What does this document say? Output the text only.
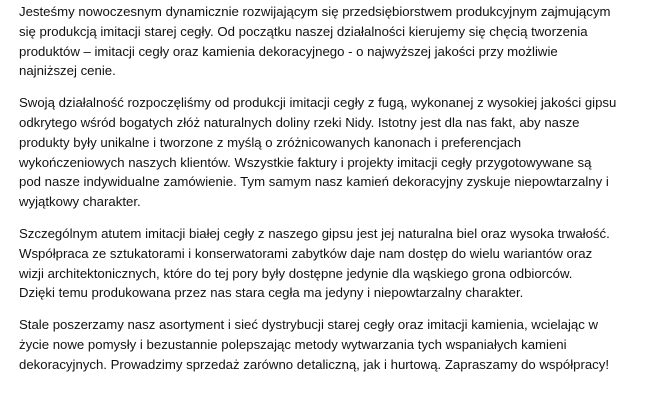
Jesteśmy nowoczesnym dynamicznie rozwijającym się przedsiębiorstwem produkcyjnym zajmującym
się produkcją imitacji starej cegły. Od początku naszej działalności kierujemy się chęcią tworzenia
produktów – imitacji cegły oraz kamienia dekoracyjnego - o najwyższej jakości przy możliwie
najniższej cenie.

Swoją działalność rozpoczęliśmy od produkcji imitacji cegły z fugą, wykonanej z wysokiej jakości gipsu
odkrytego wśród bogatych złóż naturalnych doliny rzeki Nidy. Istotny jest dla nas fakt, aby nasze
produkty były unikalne i tworzone z myślą o zróżnicowanych kanonach i preferencjach
wykończeniowych naszych klientów. Wszystkie faktury i projekty imitacji cegły przygotowywane są
pod nasze indywidualne zamówienie. Tym samym nasz kamień dekoracyjny zyskuje niepowtarzalny i
wyjątkowy charakter.

Szczególnym atutem imitacji białej cegły z naszego gipsu jest jej naturalna biel oraz wysoka trwałość.
Współpraca ze sztukatorami i konserwatorami zabytków daje nam dostęp do wielu wariantów oraz
wizji architektonicznych, które do tej pory były dostępne jedynie dla wąskiego grona odbiorców.
Dzięki temu produkowana przez nas stara cegła ma jedyny i niepowtarzalny charakter.

Stale poszerzamy nasz asortyment i sieć dystrybucji starej cegły oraz imitacji kamienia, wcielając w
życie nowe pomysły i bezustannie polepszając metody wytwarzania tych wspaniałych kamieni
dekoracyjnych. Prowadzimy sprzedaż zarówno detaliczną, jak i hurtową. Zapraszamy do współpracy!
